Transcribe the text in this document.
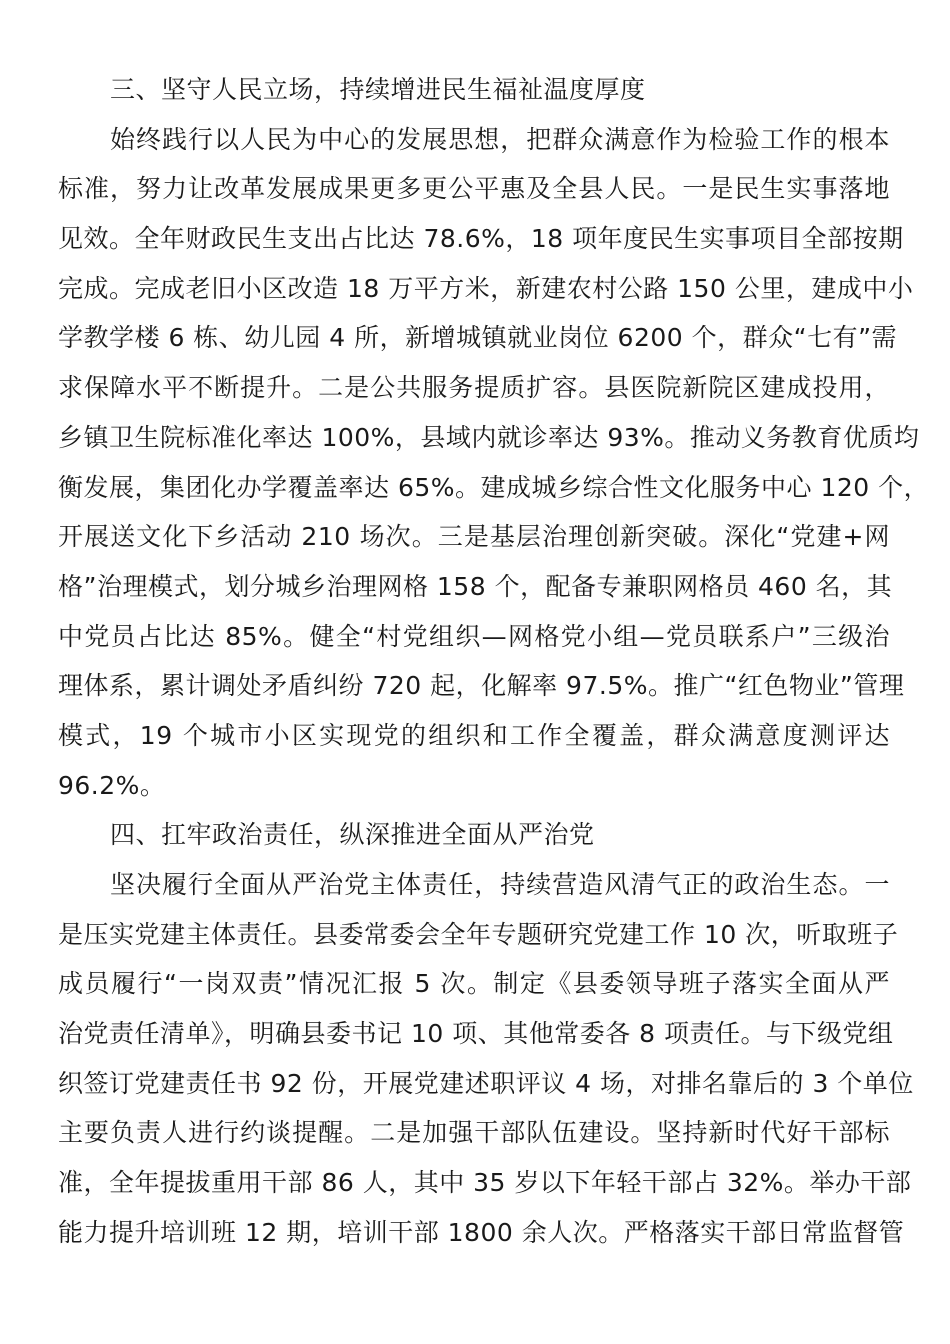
三、坚守人民立场，持续增进民生福祉温度厚度
始终践行以人民为中心的发展思想，把群众满意作为检验工作的根本
标准，努力让改革发展成果更多更公平惠及全县人民。一是民生实事落地
见效。全年财政民生支出占比达 78.6%，18 项年度民生实事项目全部按期
完成。完成老旧小区改造 18 万平方米，新建农村公路 150 公里，建成中小
学教学楼 6 栋、幼儿园 4 所，新增城镇就业岗位 6200 个，群众“七有”需
求保障水平不断提升。二是公共服务提质扩容。县医院新院区建成投用，
乡镇卫生院标准化率达 100%，县域内就诊率达 93%。推动义务教育优质均
衡发展，集团化办学覆盖率达 65%。建成城乡综合性文化服务中心 120 个，
开展送文化下乡活动 210 场次。三是基层治理创新突破。深化“党建+网
格”治理模式，划分城乡治理网格 158 个，配备专兼职网格员 460 名，其
中党员占比达 85%。健全“村党组织—网格党小组—党员联系户”三级治
理体系，累计调处矛盾纠纷 720 起，化解率 97.5%。推广“红色物业”管理
模式，19 个城市小区实现党的组织和工作全覆盖，群众满意度测评达
96.2%。
四、扛牢政治责任，纵深推进全面从严治党
坚决履行全面从严治党主体责任，持续营造风清气正的政治生态。一
是压实党建主体责任。县委常委会全年专题研究党建工作 10 次，听取班子
成员履行“一岗双责”情况汇报 5 次。制定《县委领导班子落实全面从严
治党责任清单》，明确县委书记 10 项、其他常委各 8 项责任。与下级党组
织签订党建责任书 92 份，开展党建述职评议 4 场，对排名靠后的 3 个单位
主要负责人进行约谈提醒。二是加强干部队伍建设。坚持新时代好干部标
准，全年提拔重用干部 86 人，其中 35 岁以下年轻干部占 32%。举办干部
能力提升培训班 12 期，培训干部 1800 余人次。严格落实干部日常监督管
